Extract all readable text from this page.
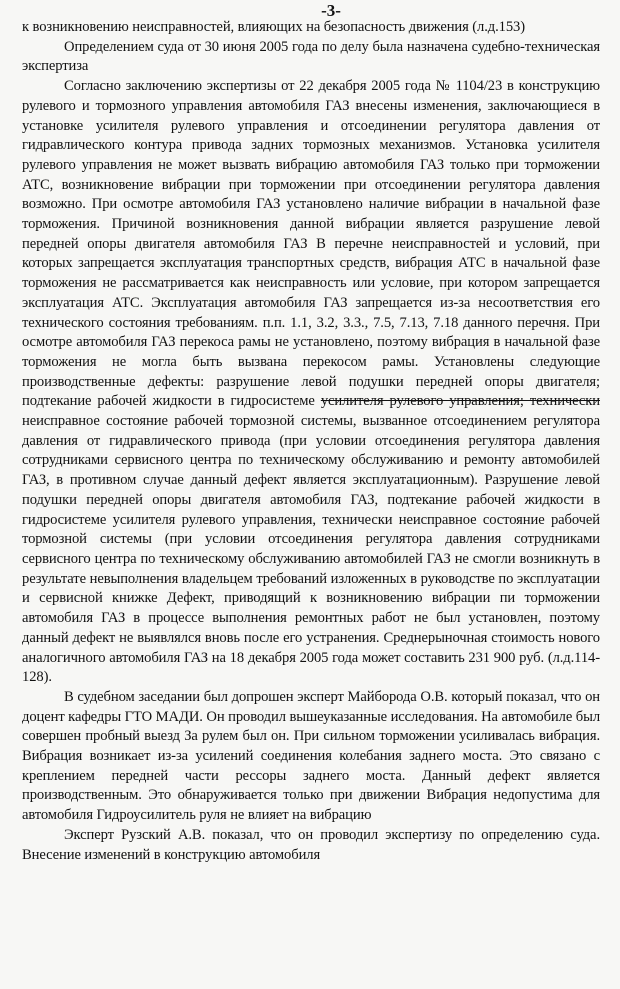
-3-

к возникновению неисправностей, влияющих на безопасность движения (л.д.153)

Определением суда от 30 июня 2005 года по делу была назначена судебно-техническая экспертиза

Согласно заключению экспертизы от 22 декабря 2005 года № 1104/23 в конструкцию рулевого и тормозного управления автомобиля ГАЗ внесены изменения, заключающиеся в установке усилителя рулевого управления и отсоединении регулятора давления от гидравлического контура привода задних тормозных механизмов. Установка усилителя рулевого управления не может вызвать вибрацию автомобиля ГАЗ только при торможении АТС, возникновение вибрации при торможении при отсоединении регулятора давления возможно. При осмотре автомобиля ГАЗ установлено наличие вибрации в начальной фазе торможения. Причиной возникновения данной вибрации является разрушение левой передней опоры двигателя автомобиля ГАЗ В перечне неисправностей и условий, при которых запрещается эксплуатация транспортных средств, вибрация АТС в начальной фазе торможения не рассматривается как неисправность или условие, при котором запрещается эксплуатация АТС. Эксплуатация автомобиля ГАЗ запрещается из-за несоответствия его технического состояния требованиям. п.п. 1.1, 3.2, 3.3., 7.5, 7.13, 7.18 данного перечня. При осмотре автомобиля ГАЗ перекоса рамы не установлено, поэтому вибрация в начальной фазе торможения не могла быть вызвана перекосом рамы. Установлены следующие производственные дефекты: разрушение левой подушки передней опоры двигателя; подтекание рабочей жидкости в гидросистеме усилителя рулевого управления; технически неисправное состояние рабочей тормозной системы, вызванное отсоединением регулятора давления от гидравлического привода (при условии отсоединения регулятора давления сотрудниками сервисного центра по техническому обслуживанию и ремонту автомобилей ГАЗ, в противном случае данный дефект является эксплуатационным). Разрушение левой подушки передней опоры двигателя автомобиля ГАЗ, подтекание рабочей жидкости в гидросистеме усилителя рулевого управления, технически неисправное состояние рабочей тормозной системы (при условии отсоединения регулятора давления сотрудниками сервисного центра по техническому обслуживанию автомобилей ГАЗ не смогли возникнуть в результате невыполнения владельцем требований изложенных в руководстве по эксплуатации и сервисной книжке Дефект, приводящий к возникновению вибрации пи торможении автомобиля ГАЗ в процессе выполнения ремонтных работ не был установлен, поэтому данный дефект не выявлялся вновь после его устранения. Среднерыночная стоимость нового аналогичного автомобиля ГАЗ на 18 декабря 2005 года может составить 231 900 руб. (л.д.114-128).

В судебном заседании был допрошен эксперт Майборода О.В. который показал, что он доцент кафедры ГТО МАДИ. Он проводил вышеуказанные исследования. На автомобиле был совершен пробный выезд За рулем был он. При сильном торможении усиливалась вибрация. Вибрация возникает из-за усилений соединения колебания заднего моста. Это связано с креплением передней части рессоры заднего моста. Данный дефект является производственным. Это обнаруживается только при движении Вибрация недопустима для автомобиля Гидроусилитель руля не влияет на вибрацию

Эксперт Рузский А.В. показал, что он проводил экспертизу по определению суда. Внесение изменений в конструкцию автомобиля
